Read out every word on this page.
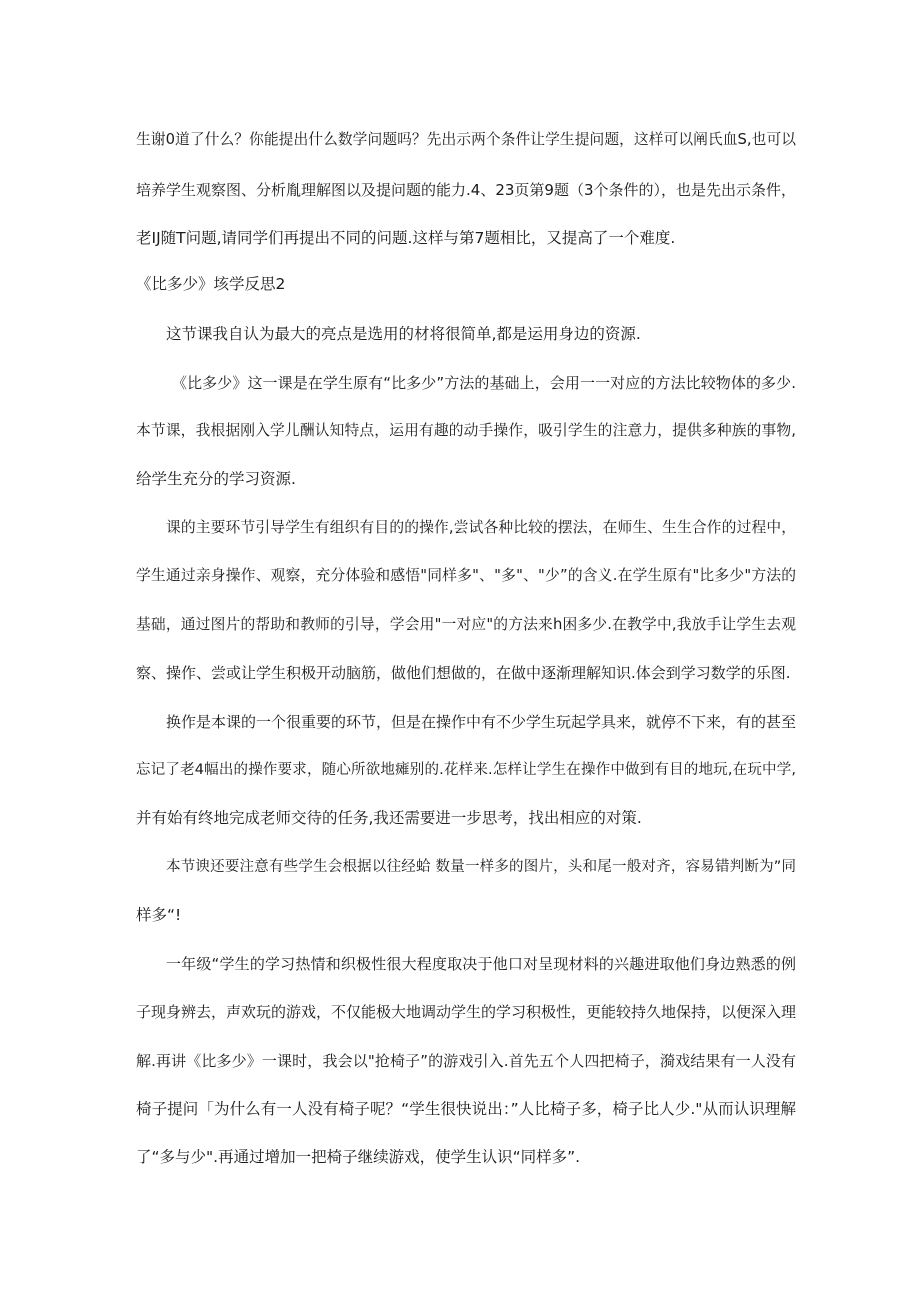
生谢0道了什么？你能提出什么数学问题吗？先出示两个条件让学生提问题，这样可以阐氏血S,也可以
培养学生观察图、分析胤理解图以及提问题的能力.4、23页第9题（3个条件的），也是先出示条件，
老IJ随T问题,请同学们再提出不同的问题.这样与第7题相比，又提高了一个难度.
《比多少》垓学反思2
这节课我自认为最大的亮点是选用的材将很简单,都是运用身边的资源.
《比多少》这一课是在学生原有“比多少”方法的基础上，会用一一对应的方法比较物体的多少.
本节课，我根据刚入学儿酬认知特点，运用有趣的动手操作，吸引学生的注意力，提供多种族的事物,
给学生充分的学习资源.
课的主要环节引导学生有组织有目的的操作,尝试各种比较的摆法，在师生、生生合作的过程中，
学生通过亲身操作、观察，充分体验和感悟"同样多"、"多"、"少”的含义.在学生原有"比多少"方法的
基础，通过图片的帮助和教师的引导，学会用"一对应"的方法来h困多少.在教学中,我放手让学生去观
察、操作、尝或让学生积极开动脑筋，做他们想做的，在做中逐渐理解知识.体会到学习数学的乐图.
换作是本课的一个很重要的环节，但是在操作中有不少学生玩起学具来，就停不下来，有的甚至
忘记了老4幅出的操作要求，随心所欲地瘫别的.花样来.怎样让学生在操作中做到有目的地玩,在玩中学,
并有始有终地完成老师交待的任务,我还需要进一步思考，找出相应的对策.
本节谀还要注意有些学生会根据以往经蛤 数量一样多的图片，头和尾一般对齐，容易错判断为”同
样多“!
一年级“学生的学习热情和织极性很大程度取决于他口对呈现材料的兴趣进取他们身边熟悉的例
子现身辨去，声欢玩的游戏，不仅能极大地调动学生的学习积极性，更能较持久地保持，以便深入理
解.再讲《比多少》一课时，我会以"抢椅子”的游戏引入.首先五个人四把椅子，漪戏结果有一人没有
椅子提问「为什么有一人没有椅子呢？“学生很快说出：”人比椅子多，椅子比人少."从而认识理解
了“多与少".再通过增加一把椅子继续游戏，使学生认识“同样多”.
